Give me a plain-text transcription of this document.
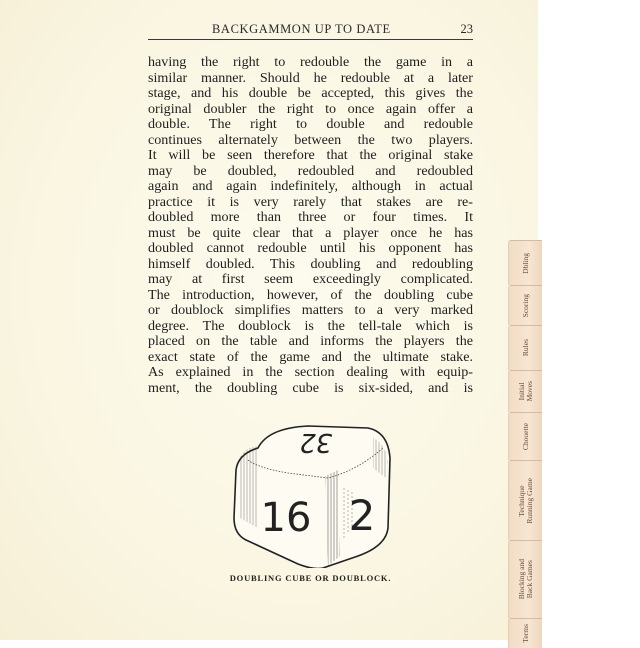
BACKGAMMON UP TO DATE	23
having the right to redouble the game in a
similar manner. Should he redouble at a later
stage, and his double be accepted, this gives the
original doubler the right to once again offer a
double. The right to double and redouble
continues alternately between the two players.
It will be seen therefore that the original stake
may be doubled, redoubled and redoubled
again and again indefinitely, although in actual
practice it is very rarely that stakes are re-
doubled more than three or four times. It
must be quite clear that a player once he has
doubled cannot redouble until his opponent has
himself doubled. This doubling and redoubling
may at first seem exceedingly complicated.
The introduction, however, of the doubling cube
or doublock simplifies matters to a very marked
degree. The doublock is the tell-tale which is
placed on the table and informs the players the
exact state of the game and the ultimate stake.
As explained in the section dealing with equip-
ment, the doubling cube is six-sided, and is
32
16 2
DOUBLING CUBE OR DOUBLOCK.
Dbling
Scoring
Rules
Initial
Moves
Chouette
Technique
Running Game
Blocking and
Back Games
Terms
